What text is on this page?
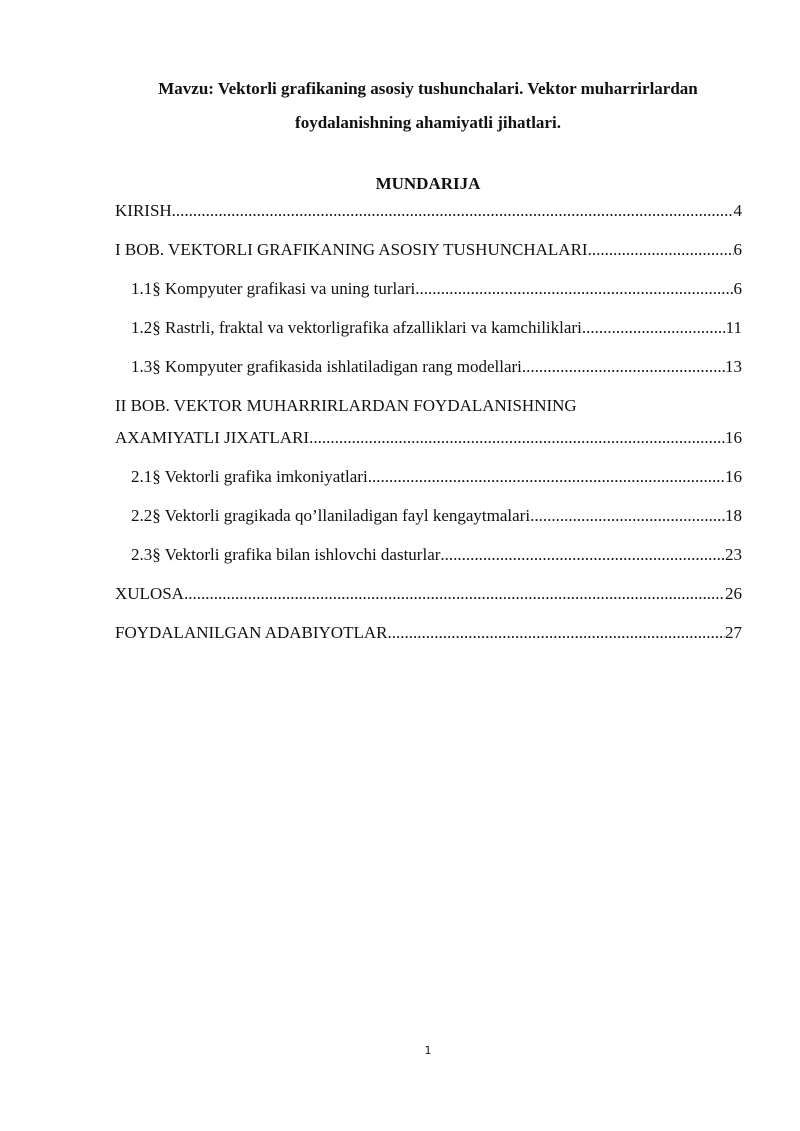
Mavzu: Vektorli grafikaning asosiy tushunchalari. Vektor muharrirlardan
foydalanishning ahamiyatli jihatlari.
MUNDARIJA
KIRISH .....	4
I BOB. VEKTORLI GRAFIKANING ASOSIY TUSHUNCHALARI .....	6
1.1§ Kompyuter grafikasi va uning turlari .....	6
1.2§ Rastrli, fraktal va vektorligrafika afzalliklari va kamchiliklari .....	11
1.3§ Kompyuter grafikasida ishlatiladigan rang modellari .....	13
II BOB. VEKTOR MUHARRIRLARDAN FOYDALANISHNING
AXAMIYATLI JIXATLARI .....	16
2.1§ Vektorli grafika imkoniyatlari .....	16
2.2§ Vektorli gragikada qo’llaniladigan fayl kengaytmalari .....	18
2.3§ Vektorli grafika bilan ishlovchi dasturlar .....	23
XULOSA .....	26
FOYDALANILGAN ADABIYOTLAR .....	27
1
